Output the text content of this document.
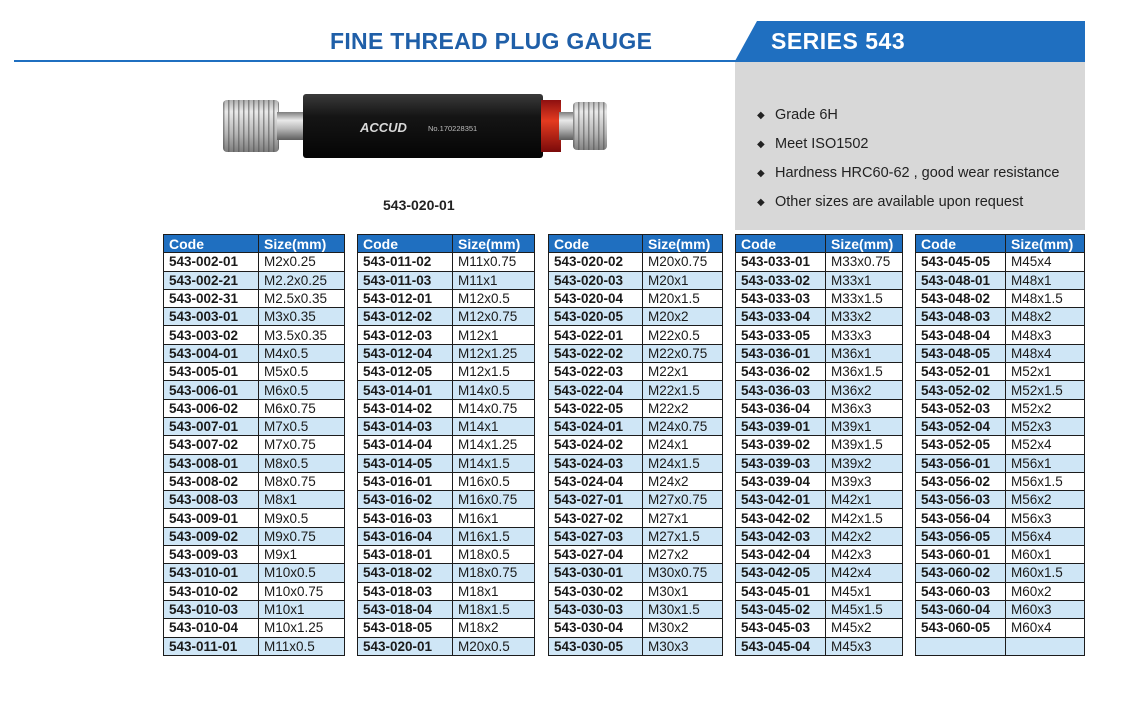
FINE THREAD PLUG GAUGE	SERIES 543
◆ Grade 6H
◆ Meet ISO1502
◆ Hardness HRC60-62 , good wear resistance
◆ Other sizes are available upon request
ACCUD	No.170228351
543-020-01
Code	Size(mm)
543-002-01	M2x0.25
543-002-21	M2.2x0.25
543-002-31	M2.5x0.35
543-003-01	M3x0.35
543-003-02	M3.5x0.35
543-004-01	M4x0.5
543-005-01	M5x0.5
543-006-01	M6x0.5
543-006-02	M6x0.75
543-007-01	M7x0.5
543-007-02	M7x0.75
543-008-01	M8x0.5
543-008-02	M8x0.75
543-008-03	M8x1
543-009-01	M9x0.5
543-009-02	M9x0.75
543-009-03	M9x1
543-010-01	M10x0.5
543-010-02	M10x0.75
543-010-03	M10x1
543-010-04	M10x1.25
543-011-01	M11x0.5
Code	Size(mm)
543-011-02	M11x0.75
543-011-03	M11x1
543-012-01	M12x0.5
543-012-02	M12x0.75
543-012-03	M12x1
543-012-04	M12x1.25
543-012-05	M12x1.5
543-014-01	M14x0.5
543-014-02	M14x0.75
543-014-03	M14x1
543-014-04	M14x1.25
543-014-05	M14x1.5
543-016-01	M16x0.5
543-016-02	M16x0.75
543-016-03	M16x1
543-016-04	M16x1.5
543-018-01	M18x0.5
543-018-02	M18x0.75
543-018-03	M18x1
543-018-04	M18x1.5
543-018-05	M18x2
543-020-01	M20x0.5
Code	Size(mm)
543-020-02	M20x0.75
543-020-03	M20x1
543-020-04	M20x1.5
543-020-05	M20x2
543-022-01	M22x0.5
543-022-02	M22x0.75
543-022-03	M22x1
543-022-04	M22x1.5
543-022-05	M22x2
543-024-01	M24x0.75
543-024-02	M24x1
543-024-03	M24x1.5
543-024-04	M24x2
543-027-01	M27x0.75
543-027-02	M27x1
543-027-03	M27x1.5
543-027-04	M27x2
543-030-01	M30x0.75
543-030-02	M30x1
543-030-03	M30x1.5
543-030-04	M30x2
543-030-05	M30x3
Code	Size(mm)
543-033-01	M33x0.75
543-033-02	M33x1
543-033-03	M33x1.5
543-033-04	M33x2
543-033-05	M33x3
543-036-01	M36x1
543-036-02	M36x1.5
543-036-03	M36x2
543-036-04	M36x3
543-039-01	M39x1
543-039-02	M39x1.5
543-039-03	M39x2
543-039-04	M39x3
543-042-01	M42x1
543-042-02	M42x1.5
543-042-03	M42x2
543-042-04	M42x3
543-042-05	M42x4
543-045-01	M45x1
543-045-02	M45x1.5
543-045-03	M45x2
543-045-04	M45x3
Code	Size(mm)
543-045-05	M45x4
543-048-01	M48x1
543-048-02	M48x1.5
543-048-03	M48x2
543-048-04	M48x3
543-048-05	M48x4
543-052-01	M52x1
543-052-02	M52x1.5
543-052-03	M52x2
543-052-04	M52x3
543-052-05	M52x4
543-056-01	M56x1
543-056-02	M56x1.5
543-056-03	M56x2
543-056-04	M56x3
543-056-05	M56x4
543-060-01	M60x1
543-060-02	M60x1.5
543-060-03	M60x2
543-060-04	M60x3
543-060-05	M60x4
